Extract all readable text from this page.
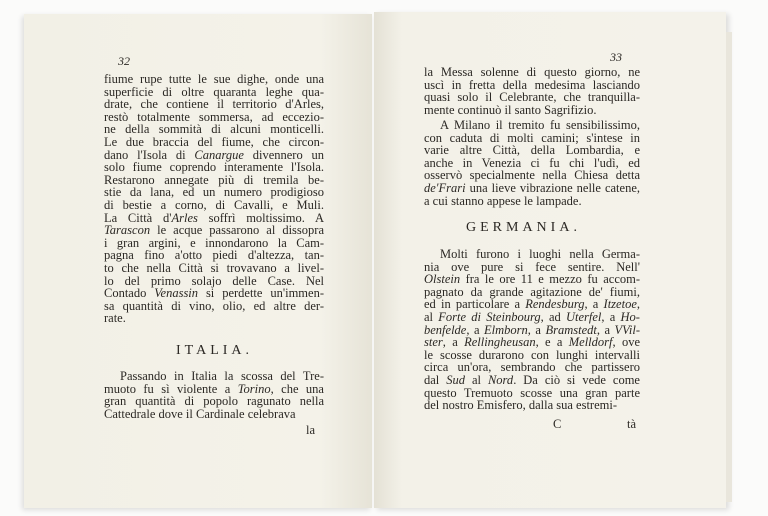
32
fiume rupe tutte le sue dighe, onde una
superficie di oltre quaranta leghe qua-
drate, che contiene il territorio d'Arles,
restò totalmente sommersa, ad eccezio-
ne della sommità di alcuni monticelli.
Le due braccia del fiume, che circon-
dano l'Isola di Canargue divennero un
solo fiume coprendo interamente l'Isola.
Restarono annegate più di tremila be-
stie da lana, ed un numero prodigioso
di bestie a corno, di Cavalli, e Muli.
La Città d'Arles soffrì moltissimo. A
Tarascon le acque passarono al dissopra
i gran argini, e innondarono la Cam-
pagna fino a'otto piedi d'altezza, tan-
to che nella Città si trovavano a livel-
lo del primo solajo delle Case. Nel
Contado Venassin si perdette un'immen-
sa quantità di vino, olio, ed altre der-
rate.
ITALIA.
Passando in Italia la scossa del Tre-
muoto fu sì violente a Torino, che una
gran quantità di popolo ragunato nella
Cattedrale dove il Cardinale celebrava
la
33
la Messa solenne di questo giorno, ne
uscì in fretta della medesima lasciando
quasi solo il Celebrante, che tranquilla-
mente continuò il santo Sagrifizio.
A Milano il tremito fu sensibilissimo,
con caduta di molti camini; s'intese in
varie altre Città, della Lombardia, e
anche in Venezia ci fu chi l'udì, ed
osservò specialmente nella Chiesa detta
de'Frari una lieve vibrazione nelle catene,
a cui stanno appese le lampade.
GERMANIA.
Molti furono i luoghi nella Germa-
nia ove pure si fece sentire. Nell'
Olstein fra le ore 11 e mezzo fu accom-
pagnato da grande agitazione de' fiumi,
ed in particolare a Rendesburg, a Itzetoe,
al Forte di Steinbourg, ad Uterfel, a Ho-
benfelde, a Elmborn, a Bramstedt, a VVil-
ster, a Rellingheusan, e a Melldorf, ove
le scosse durarono con lunghi intervalli
circa un'ora, sembrando che partissero
dal Sud al Nord. Da ciò si vede come
questo Tremuoto scosse una gran parte
del nostro Emisfero, dalla sua estremi-
C	tà
